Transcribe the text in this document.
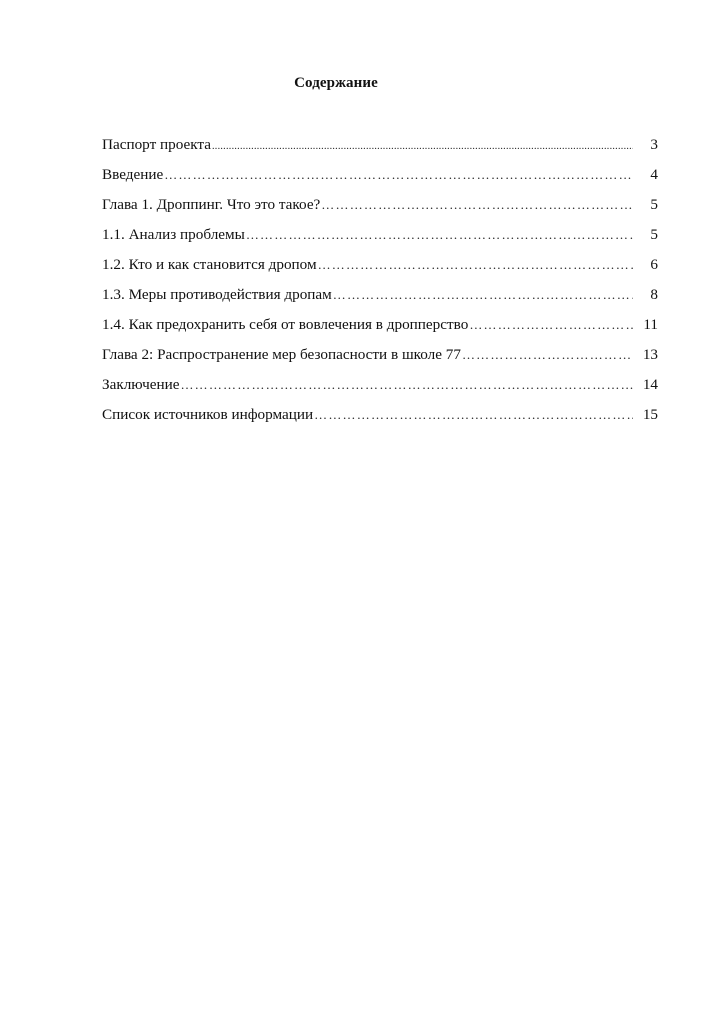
Содержание
Паспорт проекта .....	3
Введение ………………………………………………………………………………………………………………………………………	4
Глава 1. Дроппинг. Что это такое? ………………………………………………………………………………………………………………………………………	5
1.1. Анализ проблемы ………………………………………………………………………………………………………………………………………	5
1.2. Кто и как становится дропом ………………………………………………………………………………………………………………………………………	6
1.3. Меры противодействия дропам ………………………………………………………………………………………………………………………………………	8
1.4. Как предохранить себя от вовлечения в дропперство ………………………………………………………………………………………………………………………………………	11
Глава 2: Распространение мер безопасности в школе 77 ………………………………………………………………………………………………………………………………………	13
Заключение ………………………………………………………………………………………………………………………………………	14
Список источников информации ………………………………………………………………………………………………………………………………………	15
